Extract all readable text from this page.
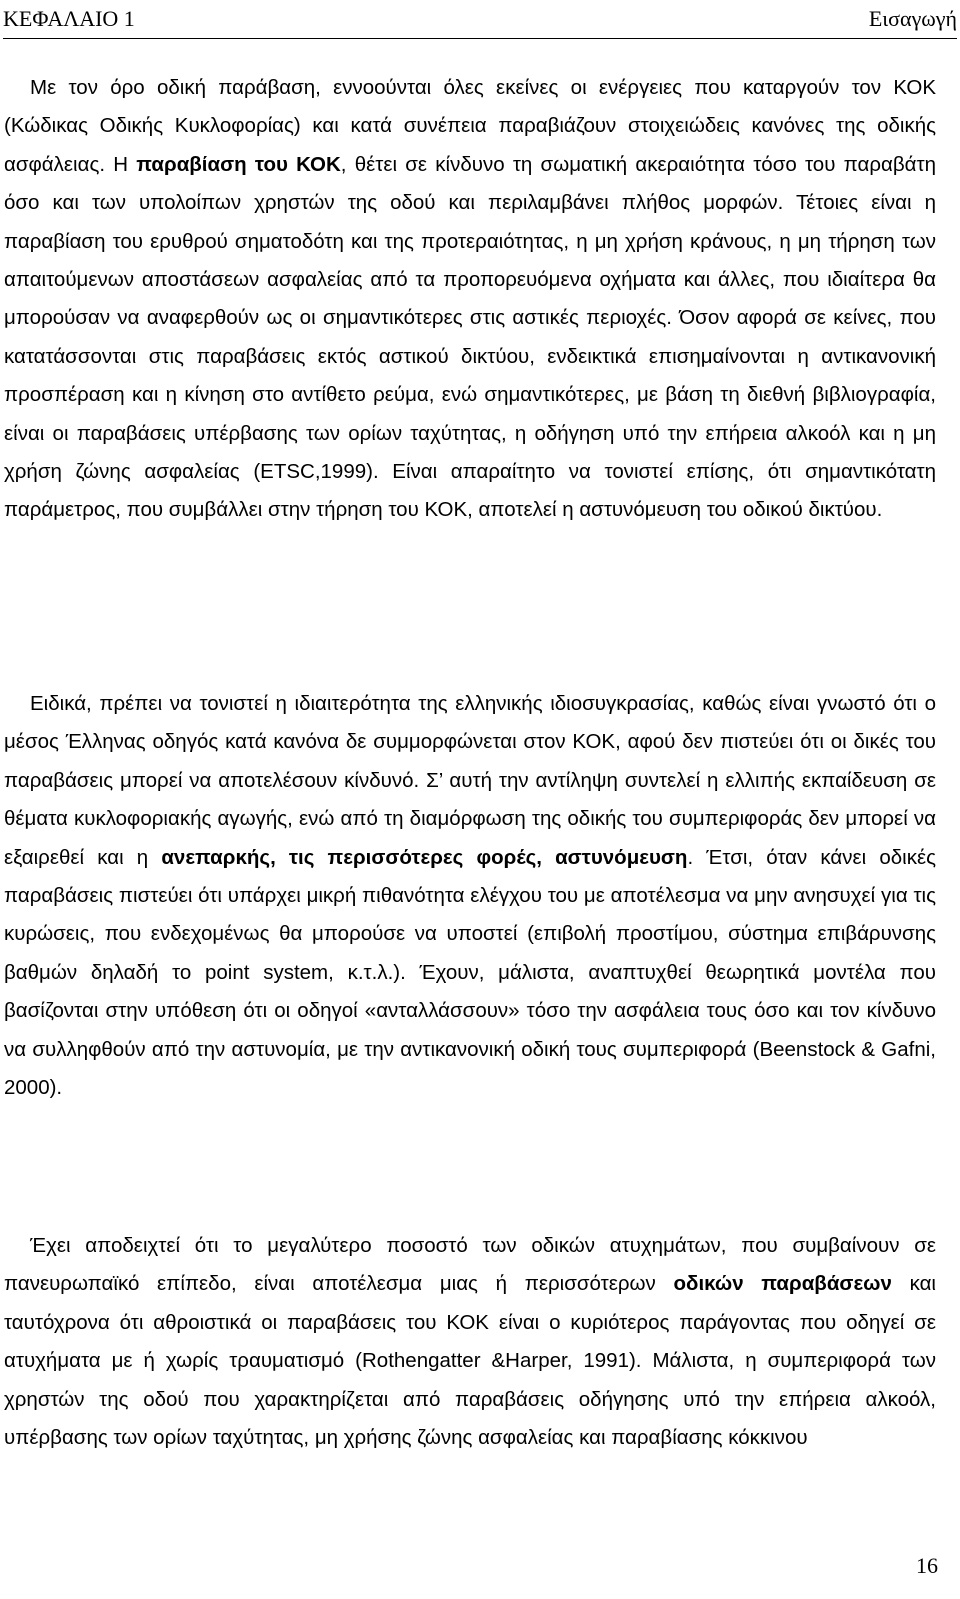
ΚΕΦΑΛΑΙΟ 1	Εισαγωγή

Με τον όρο οδική παράβαση, εννοούνται όλες εκείνες οι ενέργειες που καταργούν τον ΚΟΚ (Κώδικας Οδικής Κυκλοφορίας) και κατά συνέπεια παραβιάζουν στοιχειώδεις κανόνες της οδικής ασφάλειας. Η παραβίαση του ΚΟΚ, θέτει σε κίνδυνο τη σωματική ακεραιότητα τόσο του παραβάτη όσο και των υπολοίπων χρηστών της οδού και περιλαμβάνει πλήθος μορφών. Τέτοιες είναι η παραβίαση του ερυθρού σηματοδότη και της προτεραιότητας, η μη χρήση κράνους, η μη τήρηση των απαιτούμενων αποστάσεων ασφαλείας από τα προπορευόμενα οχήματα και άλλες, που ιδιαίτερα θα μπορούσαν να αναφερθούν ως οι σημαντικότερες στις αστικές περιοχές. Όσον αφορά σε κείνες, που κατατάσσονται στις παραβάσεις εκτός αστικού δικτύου, ενδεικτικά επισημαίνονται η αντικανονική προσπέραση και η κίνηση στο αντίθετο ρεύμα, ενώ σημαντικότερες, με βάση τη διεθνή βιβλιογραφία, είναι οι παραβάσεις υπέρβασης των ορίων ταχύτητας, η οδήγηση υπό την επήρεια αλκοόλ και η μη χρήση ζώνης ασφαλείας (ETSC,1999). Είναι απαραίτητο να τονιστεί επίσης, ότι σημαντικότατη παράμετρος, που συμβάλλει στην τήρηση του ΚΟΚ, αποτελεί η αστυνόμευση του οδικού δικτύου.

Ειδικά, πρέπει να τονιστεί η ιδιαιτερότητα της ελληνικής ιδιοσυγκρασίας, καθώς είναι γνωστό ότι ο μέσος Έλληνας οδηγός κατά κανόνα δε συμμορφώνεται στον ΚΟΚ, αφού δεν πιστεύει ότι οι δικές του παραβάσεις μπορεί να αποτελέσουν κίνδυνό. Σ’ αυτή την αντίληψη συντελεί η ελλιπής εκπαίδευση σε θέματα κυκλοφοριακής αγωγής, ενώ από τη διαμόρφωση της οδικής του συμπεριφοράς δεν μπορεί να εξαιρεθεί και η ανεπαρκής, τις περισσότερες φορές, αστυνόμευση. Έτσι, όταν κάνει οδικές παραβάσεις πιστεύει ότι υπάρχει μικρή πιθανότητα ελέγχου του με αποτέλεσμα να μην ανησυχεί για τις κυρώσεις, που ενδεχομένως θα μπορούσε να υποστεί (επιβολή προστίμου, σύστημα επιβάρυνσης βαθμών δηλαδή το point system, κ.τ.λ.). Έχουν, μάλιστα, αναπτυχθεί θεωρητικά μοντέλα που βασίζονται στην υπόθεση ότι οι οδηγοί «ανταλλάσσουν» τόσο την ασφάλεια τους όσο και τον κίνδυνο να συλληφθούν από την αστυνομία, με την αντικανονική οδική τους συμπεριφορά (Beenstock & Gafni, 2000).

Έχει αποδειχτεί ότι το μεγαλύτερο ποσοστό των οδικών ατυχημάτων, που συμβαίνουν σε πανευρωπαϊκό επίπεδο, είναι αποτέλεσμα μιας ή περισσότερων οδικών παραβάσεων και ταυτόχρονα ότι αθροιστικά οι παραβάσεις του ΚΟΚ είναι ο κυριότερος παράγοντας που οδηγεί σε ατυχήματα με ή χωρίς τραυματισμό (Rothengatter &Harper, 1991). Μάλιστα, η συμπεριφορά των χρηστών της οδού που χαρακτηρίζεται από παραβάσεις οδήγησης υπό την επήρεια αλκοόλ, υπέρβασης των ορίων ταχύτητας, μη χρήσης ζώνης ασφαλείας και παραβίασης κόκκινου

16
